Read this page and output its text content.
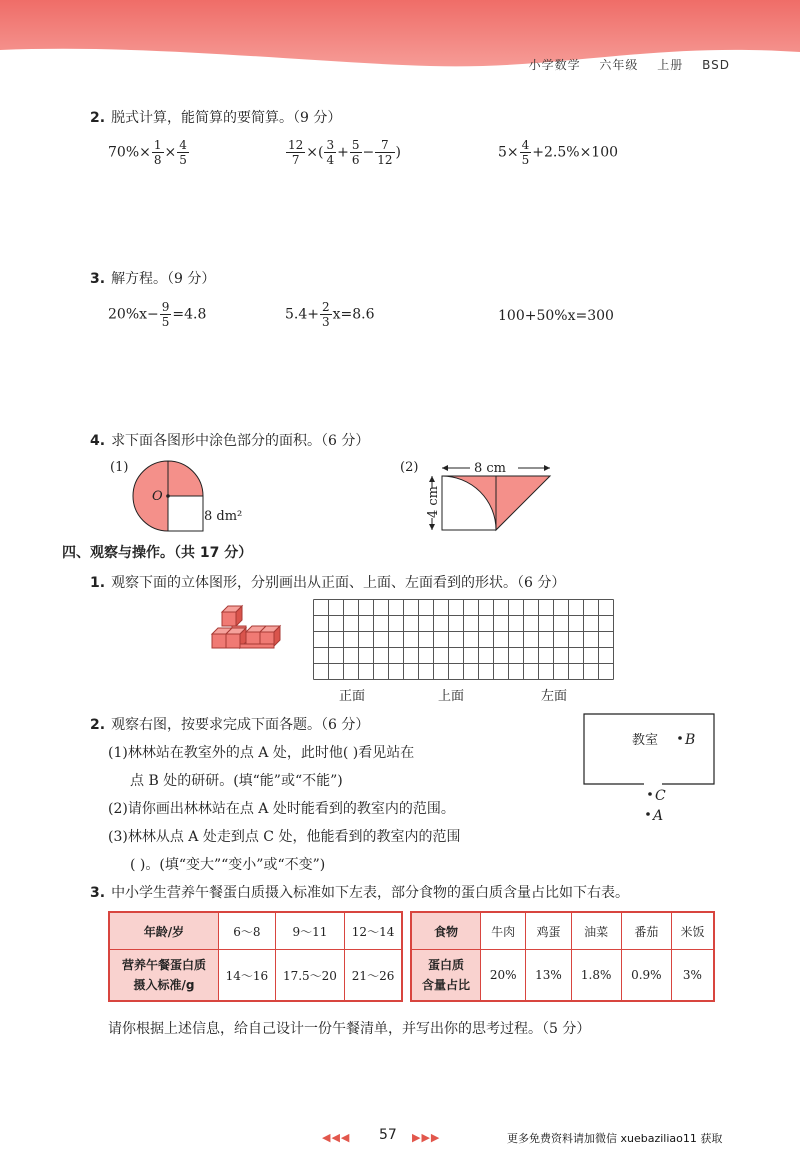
小学数学 六年级 上册 BSD
2. 脱式计算，能简算的要简算。（9 分）
$70\%\times \frac{1}{8} \times \frac{4}{5}$	$\frac{12}{7}$ ×( $\frac{3}{4} + \frac{5}{6} - \frac{7}{12}$ )	$5\times \frac{4}{5} +2.5\%\times 100$
3. 解方程。（9 分）
$20\%x- \frac{9}{5} =4.8$	$5.4+ \frac{2}{3} x=8.6$	100+50%x=300
4. 求下面各图形中涂色部分的面积。（6 分）
(1)
O
8 dm²
(2)	8 cm
4 cm
四、观察与操作。（共 17 分）
1. 观察下面的立体图形，分别画出从正面、上面、左面看到的形状。（6 分）
正面	上面	左面
2. 观察右图，按要求完成下面各题。（6 分）
(1)林林站在教室外的点 A 处，此时他( )看见站在
点 B 处的研研。(填“能”或“不能”)
(2)请你画出林林站在点 A 处时能看到的教室内的范围。
(3)林林从点 A 处走到点 C 处，他能看到的教室内的范围
( )。(填“变大”“变小”或“不变”)
教室 B
C
A
3. 中小学生营养午餐蛋白质摄入标准如下左表，部分食物的蛋白质含量占比如下右表。
年龄/岁	6～8	9～11	12～14
营养午餐蛋白质
摄入标准/g	14～16	17.5～20	21～26
食物	牛肉	鸡蛋	油菜	番茄	米饭
蛋白质
含量占比	20%	13%	1.8%	0.9%	3%
请你根据上述信息，给自己设计一份午餐清单，并写出你的思考过程。（5 分）
◀◀◀ 57 ▶▶▶	更多免费资料请加微信 xuebaziliao11 获取
